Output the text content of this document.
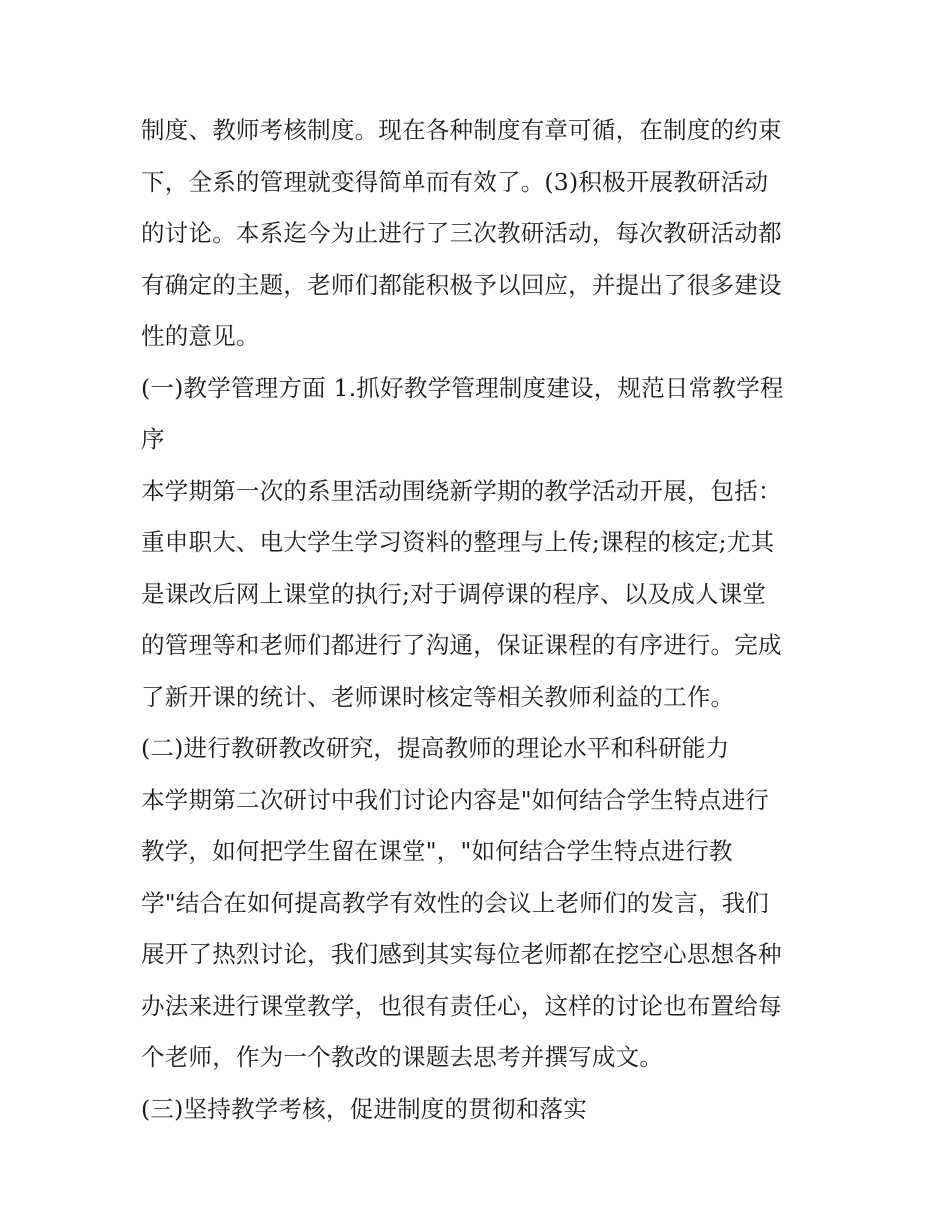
制度、教师考核制度。现在各种制度有章可循，在制度的约束
下，全系的管理就变得简单而有效了。(3)积极开展教研活动
的讨论。本系迄今为止进行了三次教研活动，每次教研活动都
有确定的主题，老师们都能积极予以回应，并提出了很多建设
性的意见。
(一)教学管理方面 1.抓好教学管理制度建设，规范日常教学程
序
本学期第一次的系里活动围绕新学期的教学活动开展，包括：
重申职大、电大学生学习资料的整理与上传;课程的核定;尤其
是课改后网上课堂的执行;对于调停课的程序、以及成人课堂
的管理等和老师们都进行了沟通，保证课程的有序进行。完成
了新开课的统计、老师课时核定等相关教师利益的工作。
(二)进行教研教改研究，提高教师的理论水平和科研能力
本学期第二次研讨中我们讨论内容是"如何结合学生特点进行
教学，如何把学生留在课堂"，"如何结合学生特点进行教
学"结合在如何提高教学有效性的会议上老师们的发言，我们
展开了热烈讨论，我们感到其实每位老师都在挖空心思想各种
办法来进行课堂教学，也很有责任心，这样的讨论也布置给每
个老师，作为一个教改的课题去思考并撰写成文。
(三)坚持教学考核，促进制度的贯彻和落实
